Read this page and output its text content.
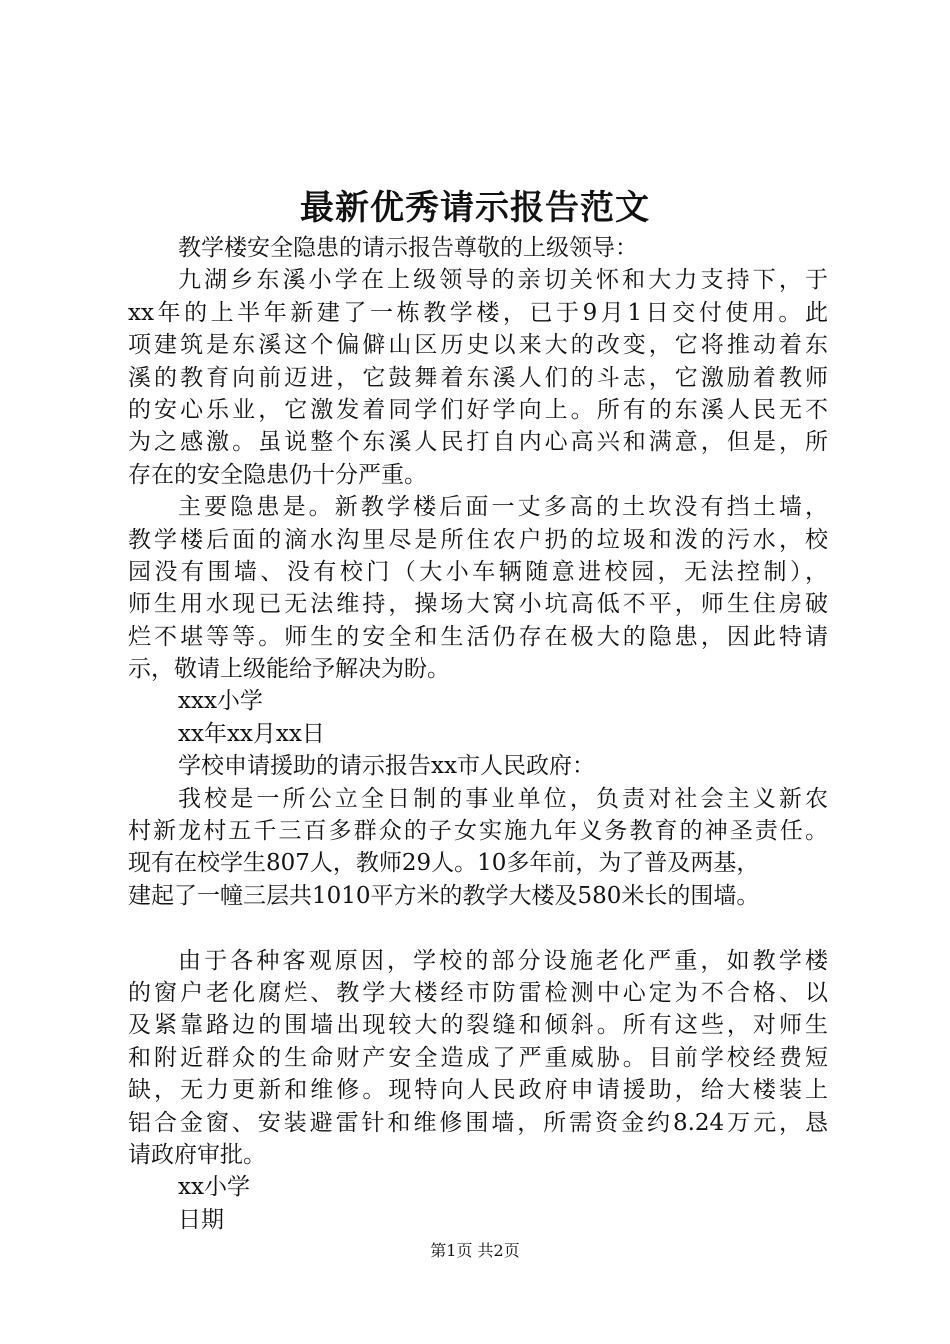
最新优秀请示报告范文
教学楼安全隐患的请示报告尊敬的上级领导：
九湖乡东溪小学在上级领导的亲切关怀和大力支持下，于
xx年的上半年新建了一栋教学楼，已于9月1日交付使用。此
项建筑是东溪这个偏僻山区历史以来大的改变，它将推动着东
溪的教育向前迈进，它鼓舞着东溪人们的斗志，它激励着教师
的安心乐业，它激发着同学们好学向上。所有的东溪人民无不
为之感激。虽说整个东溪人民打自内心高兴和满意，但是，所
存在的安全隐患仍十分严重。
主要隐患是。新教学楼后面一丈多高的土坎没有挡土墙，
教学楼后面的滴水沟里尽是所住农户扔的垃圾和泼的污水，校
园没有围墙、没有校门（大小车辆随意进校园，无法控制），
师生用水现已无法维持，操场大窝小坑高低不平，师生住房破
烂不堪等等。师生的安全和生活仍存在极大的隐患，因此特请
示，敬请上级能给予解决为盼。
xxx小学
xx年xx月xx日
学校申请援助的请示报告xx市人民政府：
我校是一所公立全日制的事业单位，负责对社会主义新农
村新龙村五千三百多群众的子女实施九年义务教育的神圣责任。
现有在校学生807人，教师29人。10多年前，为了普及两基，
建起了一幢三层共1010平方米的教学大楼及580米长的围墙。
由于各种客观原因，学校的部分设施老化严重，如教学楼
的窗户老化腐烂、教学大楼经市防雷检测中心定为不合格、以
及紧靠路边的围墙出现较大的裂缝和倾斜。所有这些，对师生
和附近群众的生命财产安全造成了严重威胁。目前学校经费短
缺，无力更新和维修。现特向人民政府申请援助，给大楼装上
铝合金窗、安装避雷针和维修围墙，所需资金约8.24万元，恳
请政府审批。
xx小学
日期
第1页 共2页
